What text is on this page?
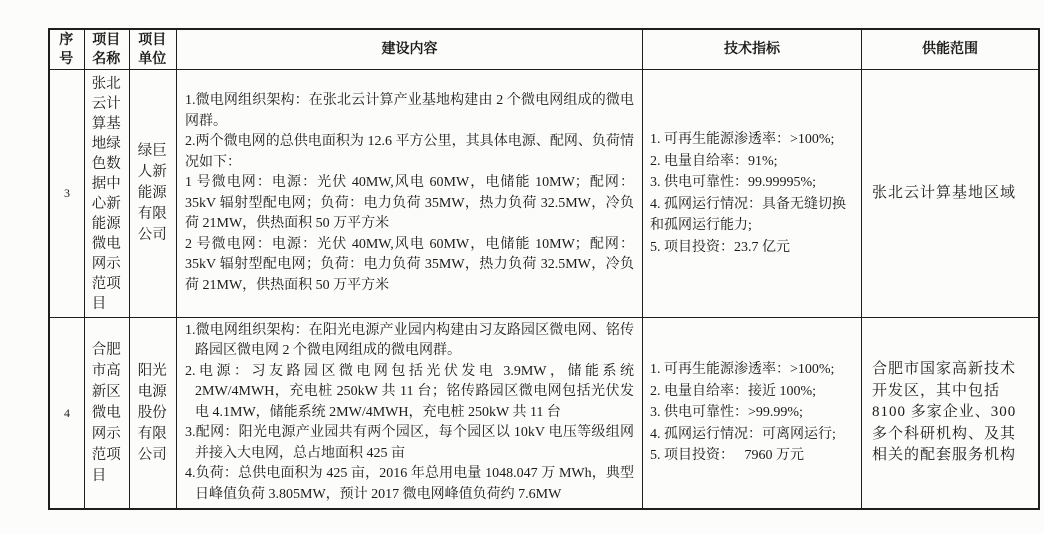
序号
项目名称
项目单位
建设内容	技术指标	供能范围
3
张北云计算基地绿色数据中心新能源微电网示范项目
绿巨人新能源有限公司

1.微电网组织架构：在张北云计算产业基地构建由 2 个微电网组成的微电网群。

2.两个微电网的总供电面积为 12.6 平方公里，其具体电源、配网、负荷情况如下：

1 号微电网：电源：光伏 40MW,风电 60MW，电储能 10MW；配网：35kV 辐射型配电网；负荷：电力负荷 35MW，热力负荷 32.5MW，冷负荷 21MW，供热面积 50 万平方米

2 号微电网：电源：光伏 40MW,风电 60MW，电储能 10MW；配网：35kV 辐射型配电网；负荷：电力负荷 35MW，热力负荷 32.5MW，冷负荷 21MW，供热面积 50 万平方米

1. 可再生能源渗透率：>100%;

2. 电量自给率：91%;

3. 供电可靠性：99.99995%;

4. 孤网运行情况：具备无缝切换和孤网运行能力;

5. 项目投资：23.7 亿元

张北云计算基地区域
4
合肥市高新区微电网示范项目
阳光电源股份有限公司

1.微电网组织架构：在阳光电源产业园内构建由习友路园区微电网、铭传路园区微电网 2 个微电网组成的微电网群。

2.电源：习友路园区微电网包括光伏发电 3.9MW，储能系统 2MW/4MWH，充电桩 250kW 共 11 台；铭传路园区微电网包括光伏发电 4.1MW，储能系统 2MW/4MWH，充电桩 250kW 共 11 台

3.配网：阳光电源产业园共有两个园区，每个园区以 10kV 电压等级组网并接入大电网，总占地面积 425 亩

4.负荷：总供电面积为 425 亩，2016 年总用电量 1048.047 万 MWh，典型日峰值负荷 3.805MW，预计 2017 微电网峰值负荷约 7.6MW

1. 可再生能源渗透率：>100%;

2. 电量自给率：接近 100%;

3. 供电可靠性：>99.99%;

4. 孤网运行情况：可离网运行;

5. 项目投资：   7960 万元

合肥市国家高新技术开发区，其中包括 8100 多家企业、300 多个科研机构、及其相关的配套服务机构
